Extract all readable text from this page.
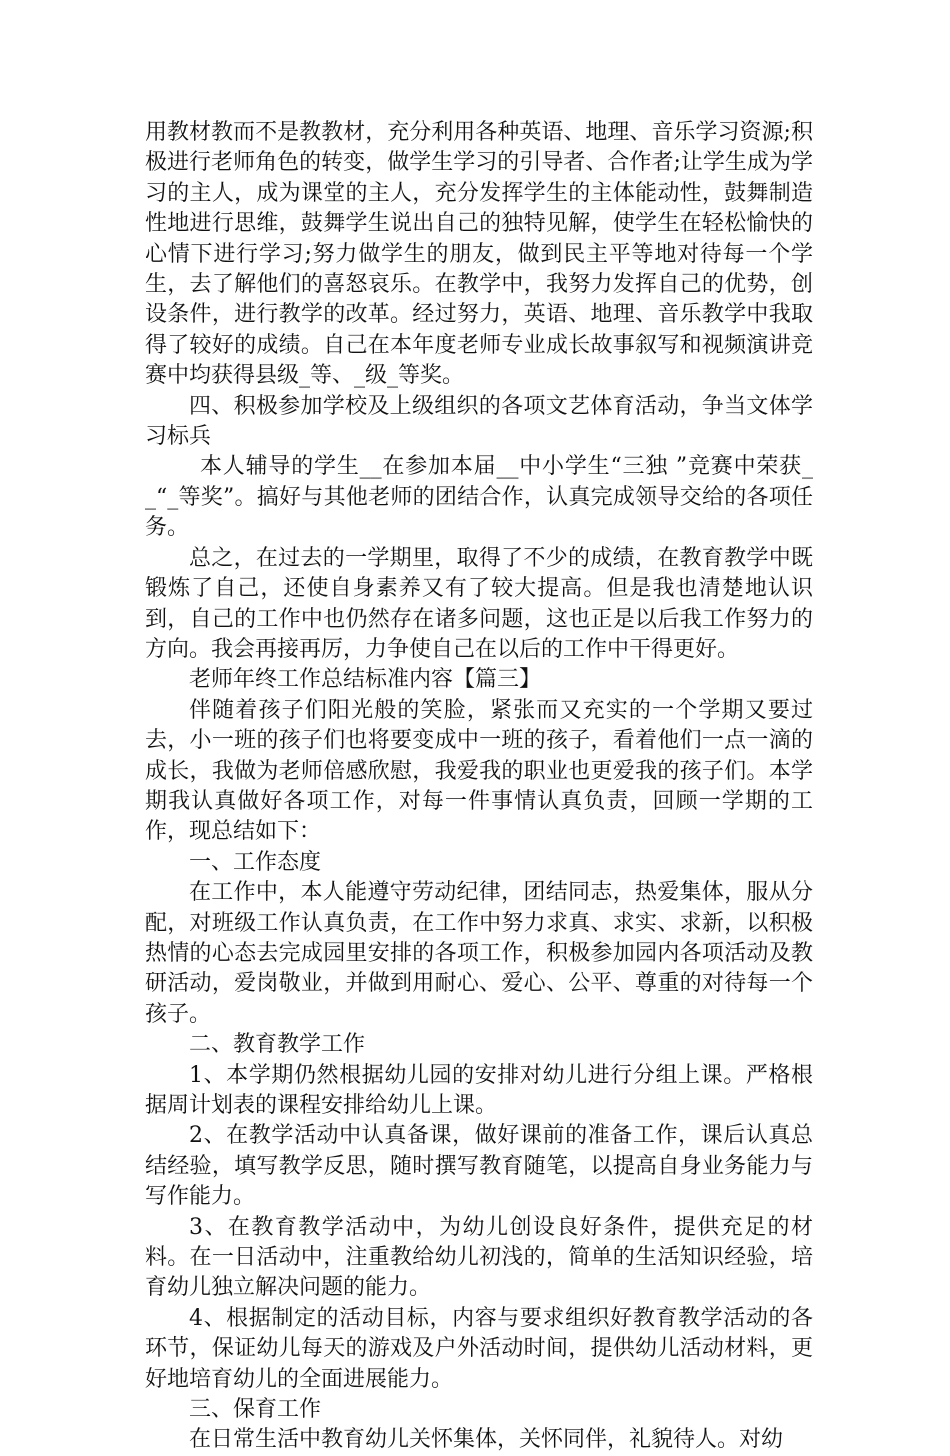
用教材教而不是教教材，充分利用各种英语、地理、音乐学习资源;积极进行老师角色的转变，做学生学习的引导者、合作者;让学生成为学习的主人，成为课堂的主人，充分发挥学生的主体能动性，鼓舞制造性地进行思维，鼓舞学生说出自己的独特见解，使学生在轻松愉快的心情下进行学习;努力做学生的朋友，做到民主平等地对待每一个学生，去了解他们的喜怒哀乐。在教学中，我努力发挥自己的优势，创设条件，进行教学的改革。经过努力，英语、地理、音乐教学中我取得了较好的成绩。自己在本年度老师专业成长故事叙写和视频演讲竞赛中均获得县级_等、_级_等奖。

四、积极参加学校及上级组织的各项文艺体育活动，争当文体学习标兵

本人辅导的学生__在参加本届__中小学生“三独 ”竞赛中荣获__“_等奖”。搞好与其他老师的团结合作，认真完成领导交给的各项任务。

总之，在过去的一学期里，取得了不少的成绩，在教育教学中既锻炼了自己，还使自身素养又有了较大提高。但是我也清楚地认识到，自己的工作中也仍然存在诸多问题，这也正是以后我工作努力的方向。我会再接再厉，力争使自己在以后的工作中干得更好。

老师年终工作总结标准内容【篇三】

伴随着孩子们阳光般的笑脸，紧张而又充实的一个学期又要过去，小一班的孩子们也将要变成中一班的孩子，看着他们一点一滴的成长，我做为老师倍感欣慰，我爱我的职业也更爱我的孩子们。本学期我认真做好各项工作，对每一件事情认真负责，回顾一学期的工作，现总结如下：

一、工作态度

在工作中，本人能遵守劳动纪律，团结同志，热爱集体，服从分配，对班级工作认真负责，在工作中努力求真、求实、求新，以积极热情的心态去完成园里安排的各项工作，积极参加园内各项活动及教研活动，爱岗敬业，并做到用耐心、爱心、公平、尊重的对待每一个孩子。

二、教育教学工作

1、本学期仍然根据幼儿园的安排对幼儿进行分组上课。严格根据周计划表的课程安排给幼儿上课。

2、在教学活动中认真备课，做好课前的准备工作，课后认真总结经验，填写教学反思，随时撰写教育随笔，以提高自身业务能力与写作能力。

3、在教育教学活动中，为幼儿创设良好条件，提供充足的材料。在一日活动中，注重教给幼儿初浅的，简单的生活知识经验，培育幼儿独立解决问题的能力。

4、根据制定的活动目标，内容与要求组织好教育教学活动的各环节，保证幼儿每天的游戏及户外活动时间，提供幼儿活动材料，更好地培育幼儿的全面进展能力。

三、保育工作

在日常生活中教育幼儿关怀集体，关怀同伴，礼貌待人。对幼
